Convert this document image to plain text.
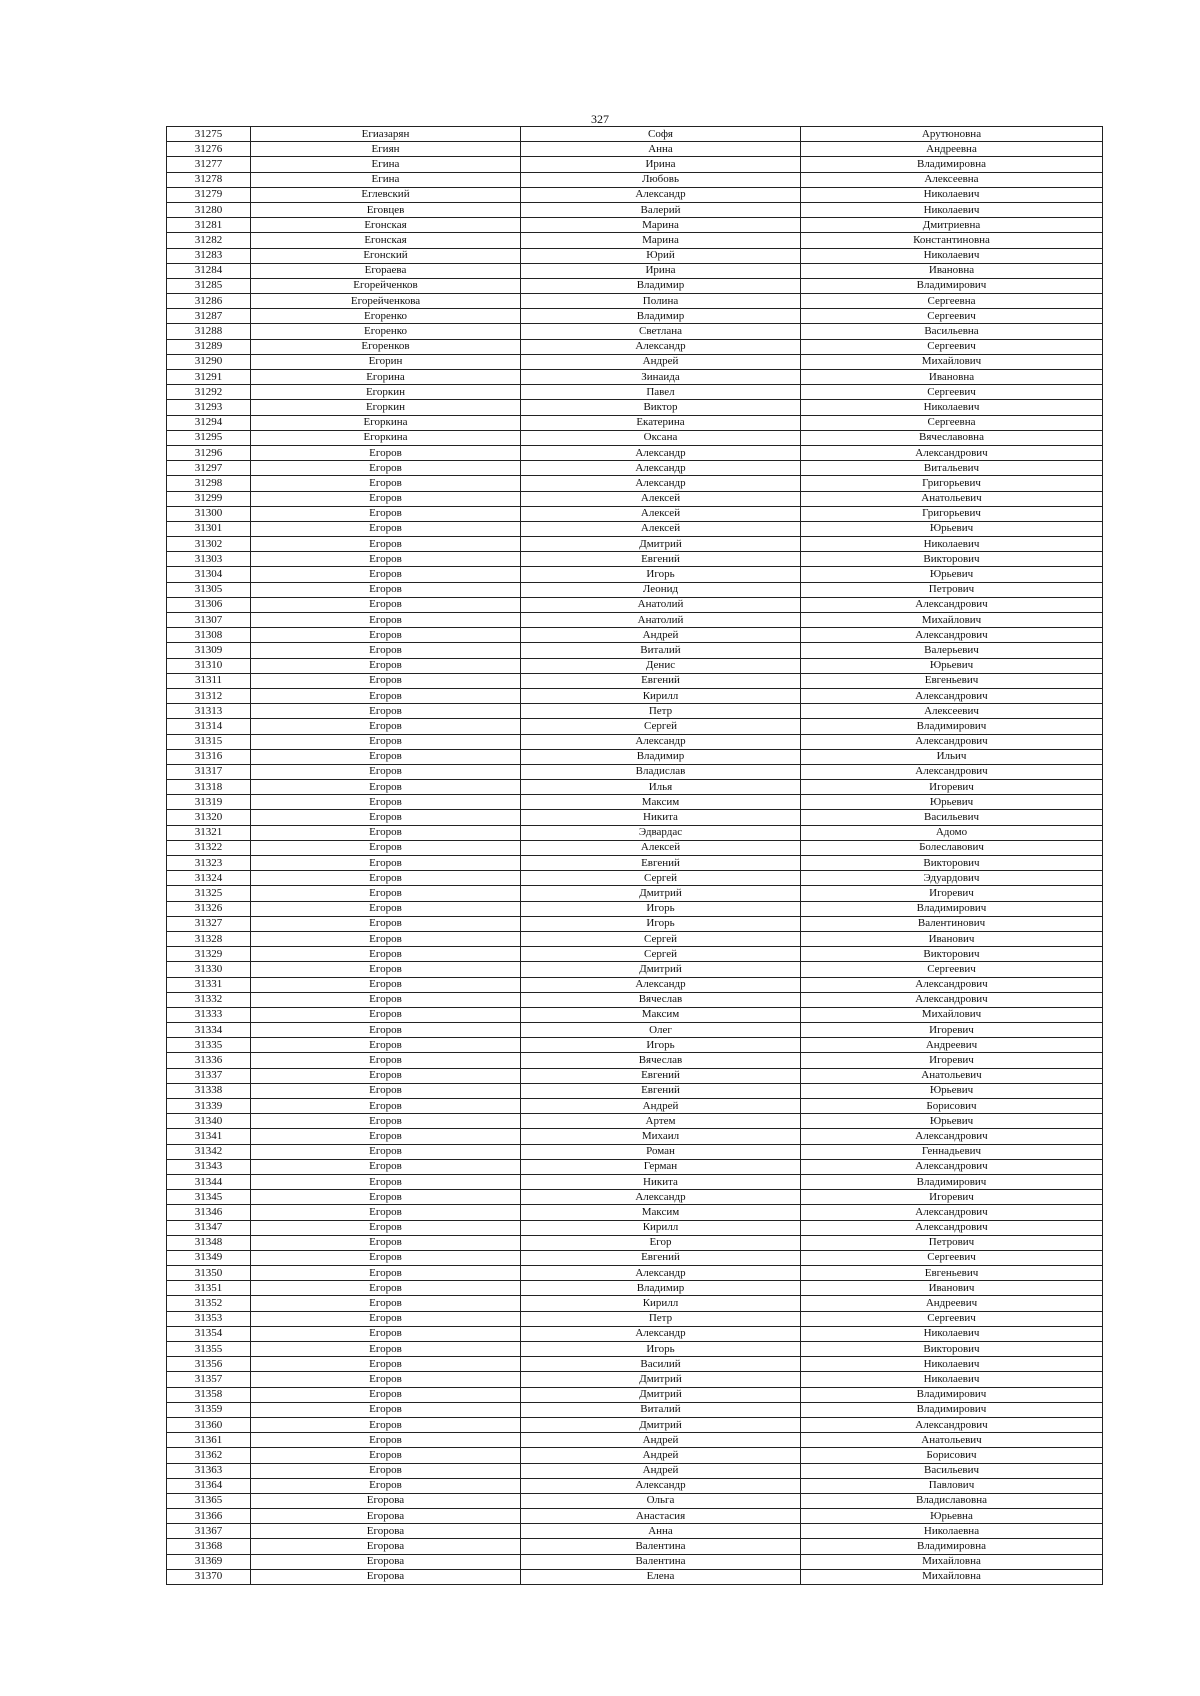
327
31275	Егиазарян	Софя	Арутюновна
31276	Егиян	Анна	Андреевна
31277	Егина	Ирина	Владимировна
31278	Егина	Любовь	Алексеевна
31279	Еглевский	Александр	Николаевич
31280	Еговцев	Валерий	Николаевич
31281	Егонская	Марина	Дмитриевна
31282	Егонская	Марина	Константиновна
31283	Егонский	Юрий	Николаевич
31284	Егораева	Ирина	Ивановна
31285	Егорейченков	Владимир	Владимирович
31286	Егорейченкова	Полина	Сергеевна
31287	Егоренко	Владимир	Сергеевич
31288	Егоренко	Светлана	Васильевна
31289	Егоренков	Александр	Сергеевич
31290	Егорин	Андрей	Михайлович
31291	Егорина	Зинаида	Ивановна
31292	Егоркин	Павел	Сергеевич
31293	Егоркин	Виктор	Николаевич
31294	Егоркина	Екатерина	Сергеевна
31295	Егоркина	Оксана	Вячеславовна
31296	Егоров	Александр	Александрович
31297	Егоров	Александр	Витальевич
31298	Егоров	Александр	Григорьевич
31299	Егоров	Алексей	Анатольевич
31300	Егоров	Алексей	Григорьевич
31301	Егоров	Алексей	Юрьевич
31302	Егоров	Дмитрий	Николаевич
31303	Егоров	Евгений	Викторович
31304	Егоров	Игорь	Юрьевич
31305	Егоров	Леонид	Петрович
31306	Егоров	Анатолий	Александрович
31307	Егоров	Анатолий	Михайлович
31308	Егоров	Андрей	Александрович
31309	Егоров	Виталий	Валерьевич
31310	Егоров	Денис	Юрьевич
31311	Егоров	Евгений	Евгеньевич
31312	Егоров	Кирилл	Александрович
31313	Егоров	Петр	Алексеевич
31314	Егоров	Сергей	Владимирович
31315	Егоров	Александр	Александрович
31316	Егоров	Владимир	Ильич
31317	Егоров	Владислав	Александрович
31318	Егоров	Илья	Игоревич
31319	Егоров	Максим	Юрьевич
31320	Егоров	Никита	Васильевич
31321	Егоров	Эдвардас	Адомо
31322	Егоров	Алексей	Болеславович
31323	Егоров	Евгений	Викторович
31324	Егоров	Сергей	Эдуардович
31325	Егоров	Дмитрий	Игоревич
31326	Егоров	Игорь	Владимирович
31327	Егоров	Игорь	Валентинович
31328	Егоров	Сергей	Иванович
31329	Егоров	Сергей	Викторович
31330	Егоров	Дмитрий	Сергеевич
31331	Егоров	Александр	Александрович
31332	Егоров	Вячеслав	Александрович
31333	Егоров	Максим	Михайлович
31334	Егоров	Олег	Игоревич
31335	Егоров	Игорь	Андреевич
31336	Егоров	Вячеслав	Игоревич
31337	Егоров	Евгений	Анатольевич
31338	Егоров	Евгений	Юрьевич
31339	Егоров	Андрей	Борисович
31340	Егоров	Артем	Юрьевич
31341	Егоров	Михаил	Александрович
31342	Егоров	Роман	Геннадьевич
31343	Егоров	Герман	Александрович
31344	Егоров	Никита	Владимирович
31345	Егоров	Александр	Игоревич
31346	Егоров	Максим	Александрович
31347	Егоров	Кирилл	Александрович
31348	Егоров	Егор	Петрович
31349	Егоров	Евгений	Сергеевич
31350	Егоров	Александр	Евгеньевич
31351	Егоров	Владимир	Иванович
31352	Егоров	Кирилл	Андреевич
31353	Егоров	Петр	Сергеевич
31354	Егоров	Александр	Николаевич
31355	Егоров	Игорь	Викторович
31356	Егоров	Василий	Николаевич
31357	Егоров	Дмитрий	Николаевич
31358	Егоров	Дмитрий	Владимирович
31359	Егоров	Виталий	Владимирович
31360	Егоров	Дмитрий	Александрович
31361	Егоров	Андрей	Анатольевич
31362	Егоров	Андрей	Борисович
31363	Егоров	Андрей	Васильевич
31364	Егоров	Александр	Павлович
31365	Егорова	Ольга	Владиславовна
31366	Егорова	Анастасия	Юрьевна
31367	Егорова	Анна	Николаевна
31368	Егорова	Валентина	Владимировна
31369	Егорова	Валентина	Михайловна
31370	Егорова	Елена	Михайловна
